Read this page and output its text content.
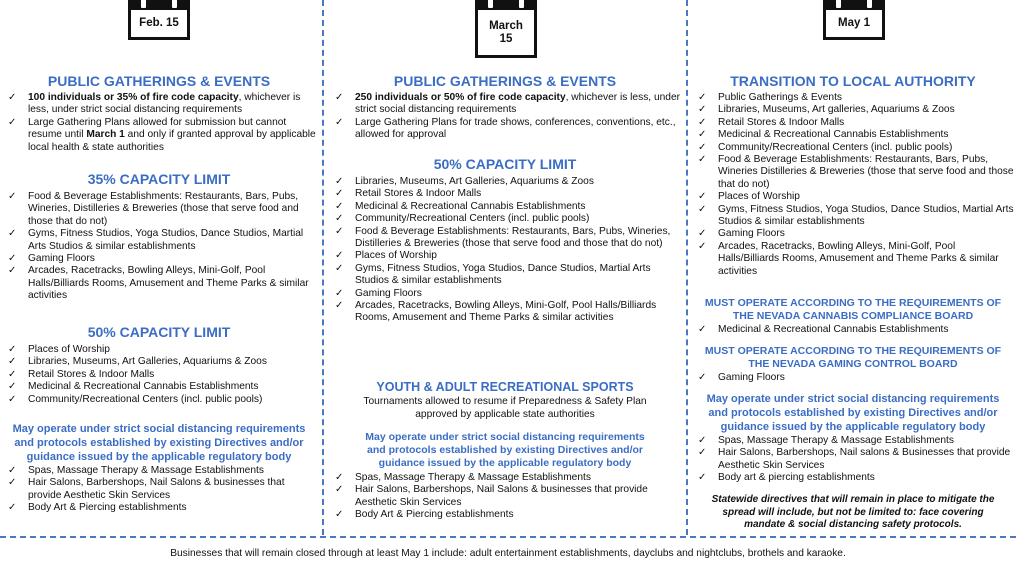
Feb. 15
PUBLIC GATHERINGS & EVENTS
✓ 100 individuals or 35% of fire code capacity, whichever is less, under strict social distancing requirements
✓ Large Gathering Plans allowed for submission but cannot resume until March 1 and only if granted approval by applicable local health & state authorities
35% CAPACITY LIMIT
✓ Food & Beverage Establishments: Restaurants, Bars, Pubs, Wineries, Distilleries & Breweries (those that serve food and those that do not)
✓ Gyms, Fitness Studios, Yoga Studios, Dance Studios, Martial Arts Studios & similar establishments
✓ Gaming Floors
✓ Arcades, Racetracks, Bowling Alleys, Mini-Golf, Pool Halls/Billiards Rooms, Amusement and Theme Parks & similar activities
50% CAPACITY LIMIT
✓ Places of Worship
✓ Libraries, Museums, Art Galleries, Aquariums & Zoos
✓ Retail Stores & Indoor Malls
✓ Medicinal & Recreational Cannabis Establishments
✓ Community/Recreational Centers (incl. public pools)
May operate under strict social distancing requirements and protocols established by existing Directives and/or guidance issued by the applicable regulatory body
✓ Spas, Massage Therapy & Massage Establishments
✓ Hair Salons, Barbershops, Nail Salons & businesses that provide Aesthetic Skin Services
✓ Body Art & Piercing establishments
March
15
PUBLIC GATHERINGS & EVENTS
✓ 250 individuals or 50% of fire code capacity, whichever is less, under strict social distancing requirements
✓ Large Gathering Plans for trade shows, conferences, conventions, etc., allowed for approval
50% CAPACITY LIMIT
✓ Libraries, Museums, Art Galleries, Aquariums & Zoos
✓ Retail Stores & Indoor Malls
✓ Medicinal & Recreational Cannabis Establishments
✓ Community/Recreational Centers (incl. public pools)
✓ Food & Beverage Establishments: Restaurants, Bars, Pubs, Wineries, Distilleries & Breweries (those that serve food and those that do not)
✓ Places of Worship
✓ Gyms, Fitness Studios, Yoga Studios, Dance Studios, Martial Arts Studios & similar establishments
✓ Gaming Floors
✓ Arcades, Racetracks, Bowling Alleys, Mini-Golf, Pool Halls/Billiards Rooms, Amusement and Theme Parks & similar activities
YOUTH & ADULT RECREATIONAL SPORTS
Tournaments allowed to resume if Preparedness & Safety Plan approved by applicable state authorities
May operate under strict social distancing requirements and protocols established by existing Directives and/or guidance issued by the applicable regulatory body
✓ Spas, Massage Therapy & Massage Establishments
✓ Hair Salons, Barbershops, Nail Salons & businesses that provide Aesthetic Skin Services
✓ Body Art & Piercing establishments
May 1
TRANSITION TO LOCAL AUTHORITY
✓ Public Gatherings & Events
✓ Libraries, Museums, Art galleries, Aquariums & Zoos
✓ Retail Stores & Indoor Malls
✓ Medicinal & Recreational Cannabis Establishments
✓ Community/Recreational Centers (incl. public pools)
✓ Food & Beverage Establishments: Restaurants, Bars, Pubs, Wineries Distilleries & Breweries (those that serve food and those that do not)
✓ Places of Worship
✓ Gyms, Fitness Studios, Yoga Studios, Dance Studios, Martial Arts Studios & similar establishments
✓ Gaming Floors
✓ Arcades, Racetracks, Bowling Alleys, Mini-Golf, Pool Halls/Billiards Rooms, Amusement and Theme Parks & similar activities
MUST OPERATE ACCORDING TO THE REQUIREMENTS OF THE NEVADA CANNABIS COMPLIANCE BOARD
✓ Medicinal & Recreational Cannabis Establishments
MUST OPERATE ACCORDING TO THE REQUIREMENTS OF THE NEVADA GAMING CONTROL BOARD
✓ Gaming Floors
May operate under strict social distancing requirements and protocols established by existing Directives and/or guidance issued by the applicable regulatory body
✓ Spas, Massage Therapy & Massage Establishments
✓ Hair Salons, Barbershops, Nail salons & Businesses that provide Aesthetic Skin Services
✓ Body art & piercing establishments
Statewide directives that will remain in place to mitigate the spread will include, but not be limited to: face covering mandate & social distancing safety protocols.
Businesses that will remain closed through at least May 1 include: adult entertainment establishments, dayclubs and nightclubs, brothels and karaoke.
